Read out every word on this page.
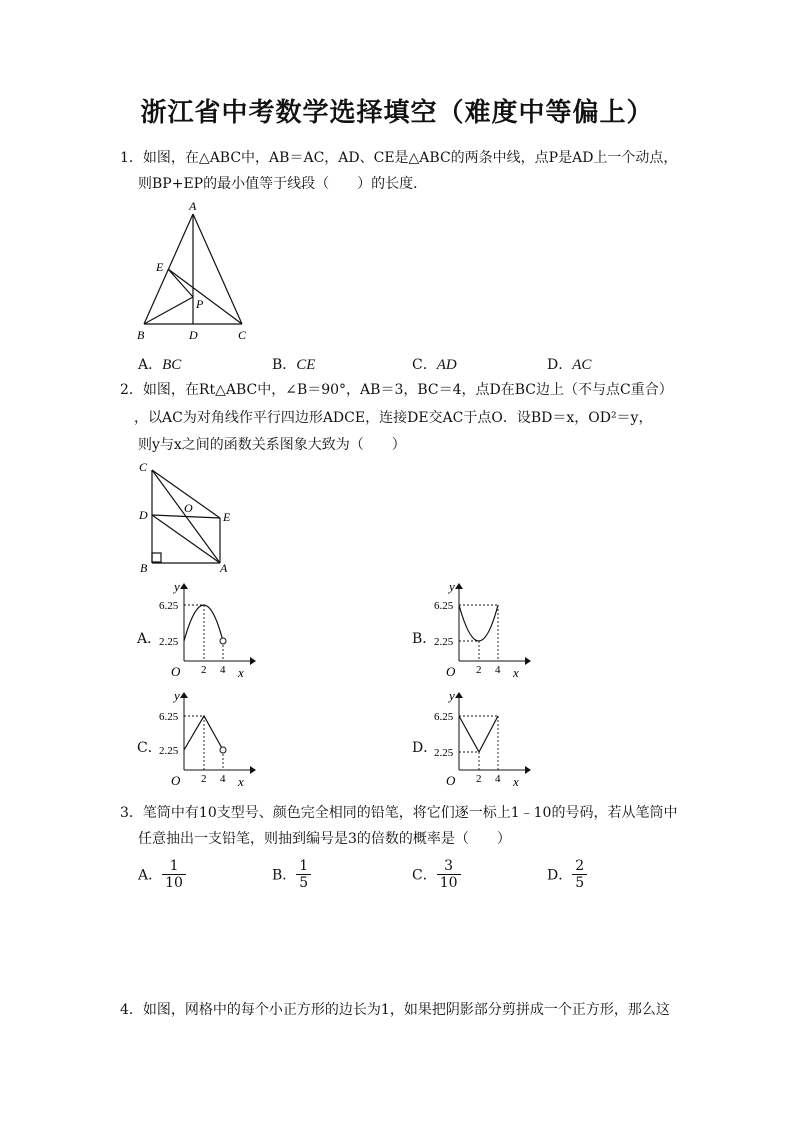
浙江省中考数学选择填空（难度中等偏上）
1．如图，在△ABC中，AB＝AC，AD、CE是△ABC的两条中线，点P是AD上一个动点，
则BP+EP的最小值等于线段（　　）的长度．
A
E
P
B	D	C
A．BC	B．CE	C．AD	D．AC
2．如图，在Rt△ABC中，∠B＝90°，AB＝3，BC＝4，点D在BC边上（不与点C重合）
，以AC为对角线作平行四边形ADCE，连接DE交AC于点O．设BD＝x，OD²＝y，
则y与x之间的函数关系图象大致为（　　）
C
D	O
E
B	A
A．
y
x
O
6.25
2.25
2 4
B．
y
x
O
6.25
2.25
2 4
C．
y
x
O
6.25
2.25
2 4
D．
y
x
O
6.25
2.25
2 4
3．笔筒中有10支型号、颜色完全相同的铅笔，将它们逐一标上1﹣10的号码，若从笔筒中
任意抽出一支铅笔，则抽到编号是3的倍数的概率是（　　）
A． $\frac{1}{10}$	B． $\frac{1}{5}$	C． $\frac{3}{10}$	D． $\frac{2}{5}$
4．如图，网格中的每个小正方形的边长为1，如果把阴影部分剪拼成一个正方形，那么这
